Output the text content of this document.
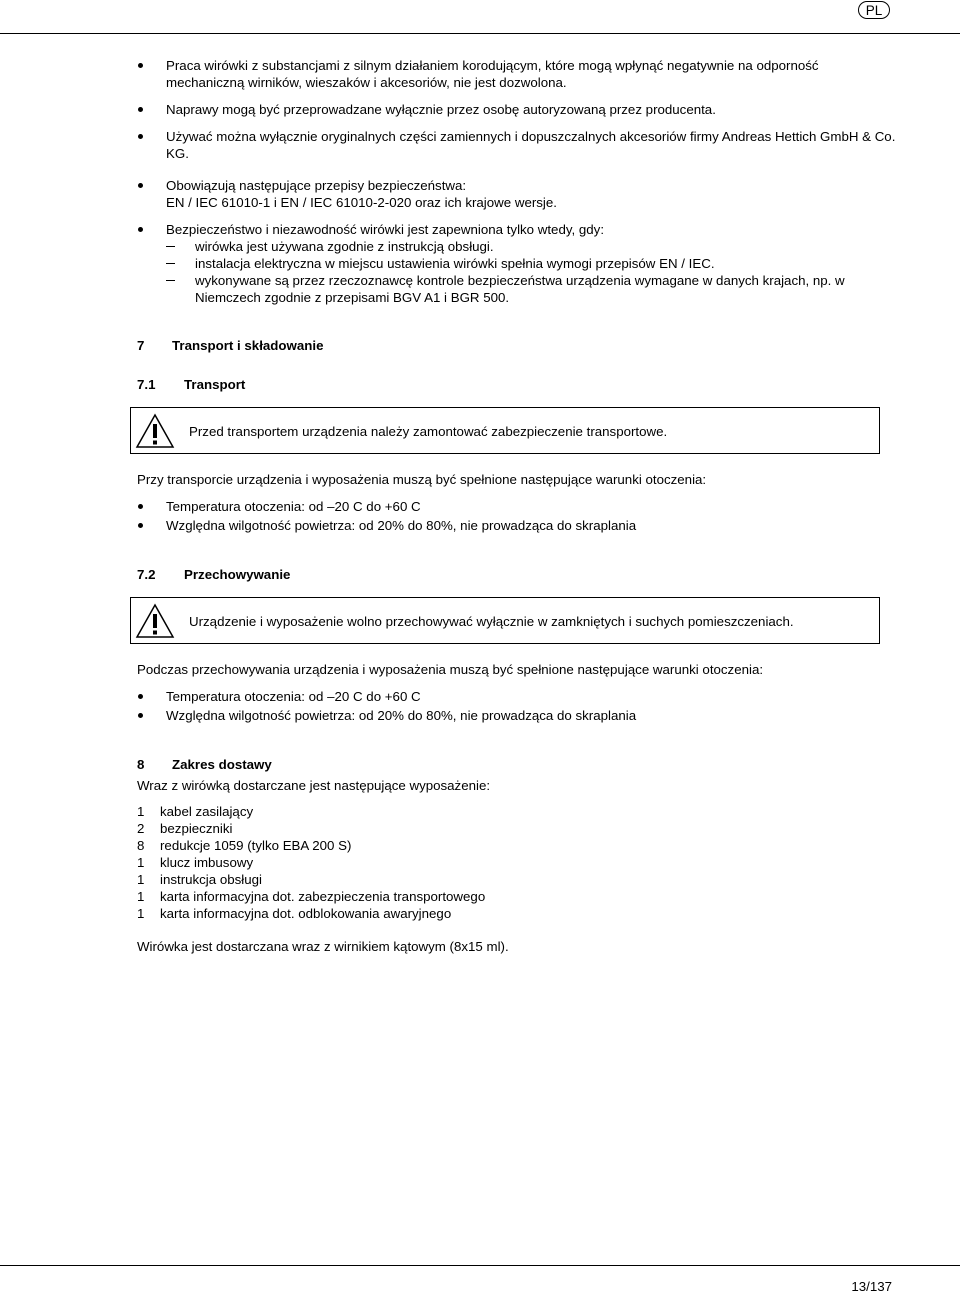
PL
Praca wirówki z substancjami z silnym działaniem korodującym, które mogą wpłynąć negatywnie na odporność mechaniczną wirników, wieszaków i akcesoriów, nie jest dozwolona.
Naprawy mogą być przeprowadzane wyłącznie przez osobę autoryzowaną przez producenta.
Używać można wyłącznie oryginalnych części zamiennych i dopuszczalnych akcesoriów firmy Andreas Hettich GmbH & Co. KG.
Obowiązują następujące przepisy bezpieczeństwa:
EN / IEC 61010-1 i EN / IEC 61010-2-020 oraz ich krajowe wersje.
Bezpieczeństwo i niezawodność wirówki jest zapewniona tylko wtedy, gdy:
wirówka jest używana zgodnie z instrukcją obsługi.
instalacja elektryczna w miejscu ustawienia wirówki spełnia wymogi przepisów EN / IEC.
wykonywane są przez rzeczoznawcę kontrole bezpieczeństwa urządzenia wymagane w danych krajach, np. w Niemczech zgodnie z przepisami BGV A1 i BGR 500.
7 Transport i składowanie
7.1 Transport
Przed transportem urządzenia należy zamontować zabezpieczenie transportowe.
Przy transporcie urządzenia i wyposażenia muszą być spełnione następujące warunki otoczenia:
Temperatura otoczenia: od –20 C do +60 C
Względna wilgotność powietrza: od 20% do 80%, nie prowadząca do skraplania
7.2 Przechowywanie
Urządzenie i wyposażenie wolno przechowywać wyłącznie w zamkniętych i suchych pomieszczeniach.
Podczas przechowywania urządzenia i wyposażenia muszą być spełnione następujące warunki otoczenia:
Temperatura otoczenia: od –20 C do +60 C
Względna wilgotność powietrza: od 20% do 80%, nie prowadząca do skraplania
8 Zakres dostawy
Wraz z wirówką dostarczane jest następujące wyposażenie:
1 kabel zasilający
2 bezpieczniki
8 redukcje 1059 (tylko EBA 200 S)
1 klucz imbusowy
1 instrukcja obsługi
1 karta informacyjna dot. zabezpieczenia transportowego
1 karta informacyjna dot. odblokowania awaryjnego
Wirówka jest dostarczana wraz z wirnikiem kątowym (8x15 ml).
13/137
